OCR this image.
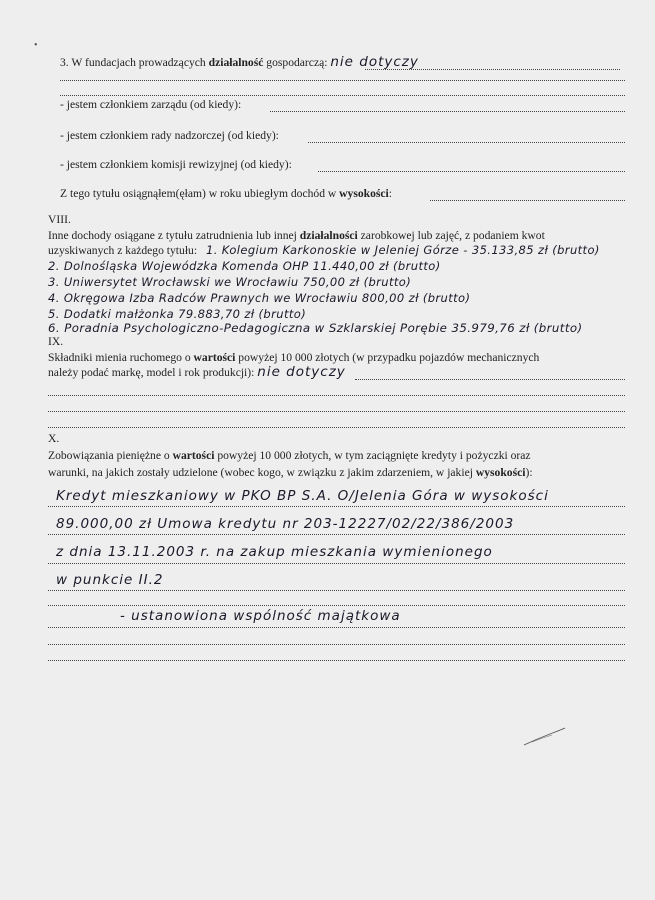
•
3. W fundacjach prowadzących działalność gospodarczą: nie dotyczy
- jestem członkiem zarządu (od kiedy):
- jestem członkiem rady nadzorczej (od kiedy):
- jestem członkiem komisji rewizyjnej (od kiedy):
Z tego tytułu osiągnąłem(ęłam) w roku ubiegłym dochód w wysokości:
VIII.
Inne dochody osiągane z tytułu zatrudnienia lub innej działalności zarobkowej lub zajęć, z podaniem kwot
uzyskiwanych z każdego tytułu: 1. Kolegium Karkonoskie w Jeleniej Górze - 35.133,85 zł (brutto)
2. Dolnośląska Wojewódzka Komenda OHP 11.440,00 zł (brutto)
3. Uniwersytet Wrocławski we Wrocławiu 750,00 zł (brutto)
4. Okręgowa Izba Radców Prawnych we Wrocławiu 800,00 zł (brutto)
5. Dodatki małżonka 79.883,70 zł (brutto)
6. Poradnia Psychologiczno-Pedagogiczna w Szklarskiej Porębie 35.979,76 zł (brutto)
IX.
Składniki mienia ruchomego o wartości powyżej 10 000 złotych (w przypadku pojazdów mechanicznych
należy podać markę, model i rok produkcji): nie dotyczy
X.
Zobowiązania pieniężne o wartości powyżej 10 000 złotych, w tym zaciągnięte kredyty i pożyczki oraz
warunki, na jakich zostały udzielone (wobec kogo, w związku z jakim zdarzeniem, w jakiej wysokości):
Kredyt mieszkaniowy w PKO BP S.A. O/Jelenia Góra w wysokości
89.000,00 zł Umowa kredytu nr 203-12227/02/22/386/2003
z dnia 13.11.2003 r. na zakup mieszkania wymienionego
w punkcie II.2
- ustanowiona wspólność majątkowa
